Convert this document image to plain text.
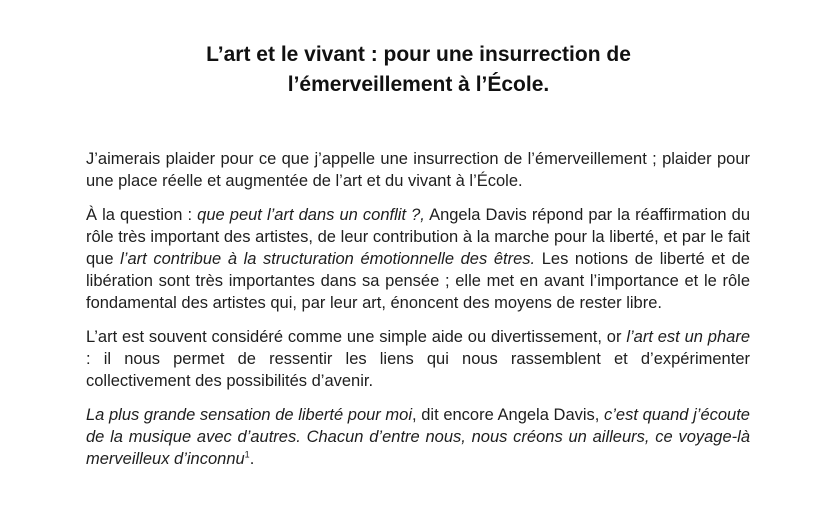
L’art et le vivant : pour une insurrection de
l’émerveillement à l’École.

J’aimerais plaider pour ce que j’appelle une insurrection de l’émerveillement ; plaider pour une place réelle et augmentée de l’art et du vivant à l’École.

À la question : que peut l’art dans un conflit ?, Angela Davis répond par la réaffirmation du rôle très important des artistes, de leur contribution à la marche pour la liberté, et par le fait que l’art contribue à la structuration émotionnelle des êtres. Les notions de liberté et de libération sont très importantes dans sa pensée ; elle met en avant l’importance et le rôle fondamental des artistes qui, par leur art, énoncent des moyens de rester libre.

L’art est souvent considéré comme une simple aide ou divertissement, or l’art est un phare : il nous permet de ressentir les liens qui nous rassemblent et d’expérimenter collectivement des possibilités d’avenir.

La plus grande sensation de liberté pour moi, dit encore Angela Davis, c’est quand j’écoute de la musique avec d’autres. Chacun d’entre nous, nous créons un ailleurs, ce voyage-là merveilleux d’inconnu$^1$.
